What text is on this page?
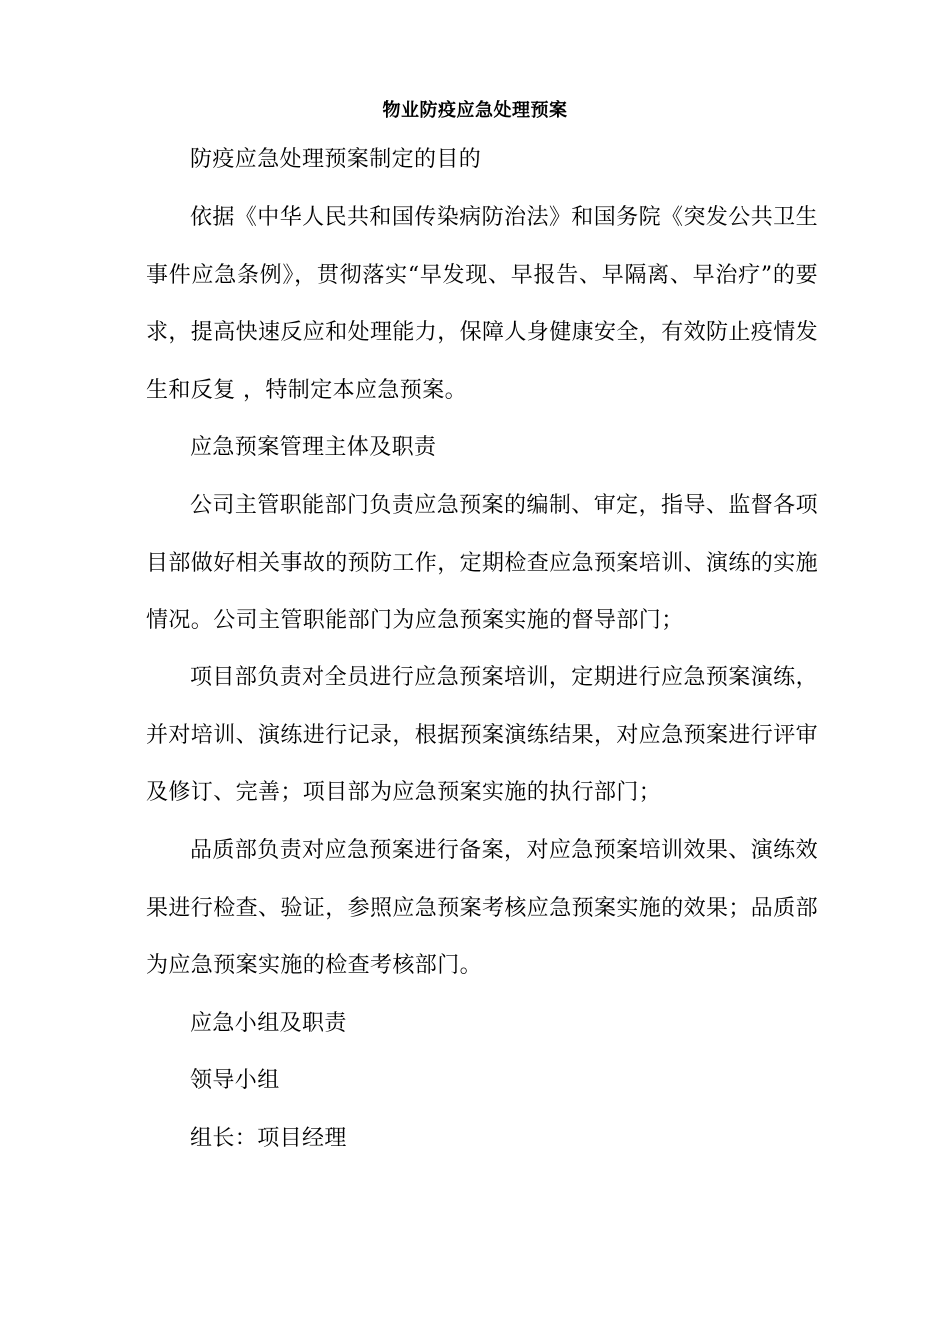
物业防疫应急处理预案

防疫应急处理预案制定的目的

依据《中华人民共和国传染病防治法》和国务院《突发公共卫生事件应急条例》，贯彻落实“早发现、早报告、早隔离、早治疗”的要求，提高快速反应和处理能力，保障人身健康安全，有效防止疫情发生和反复 ，特制定本应急预案。

应急预案管理主体及职责

公司主管职能部门负责应急预案的编制、审定，指导、监督各项目部做好相关事故的预防工作，定期检查应急预案培训、演练的实施情况。公司主管职能部门为应急预案实施的督导部门；

项目部负责对全员进行应急预案培训，定期进行应急预案演练，并对培训、演练进行记录，根据预案演练结果，对应急预案进行评审及修订、完善；项目部为应急预案实施的执行部门；

品质部负责对应急预案进行备案，对应急预案培训效果、演练效果进行检查、验证，参照应急预案考核应急预案实施的效果；品质部为应急预案实施的检查考核部门。

应急小组及职责

领导小组

组长：项目经理
